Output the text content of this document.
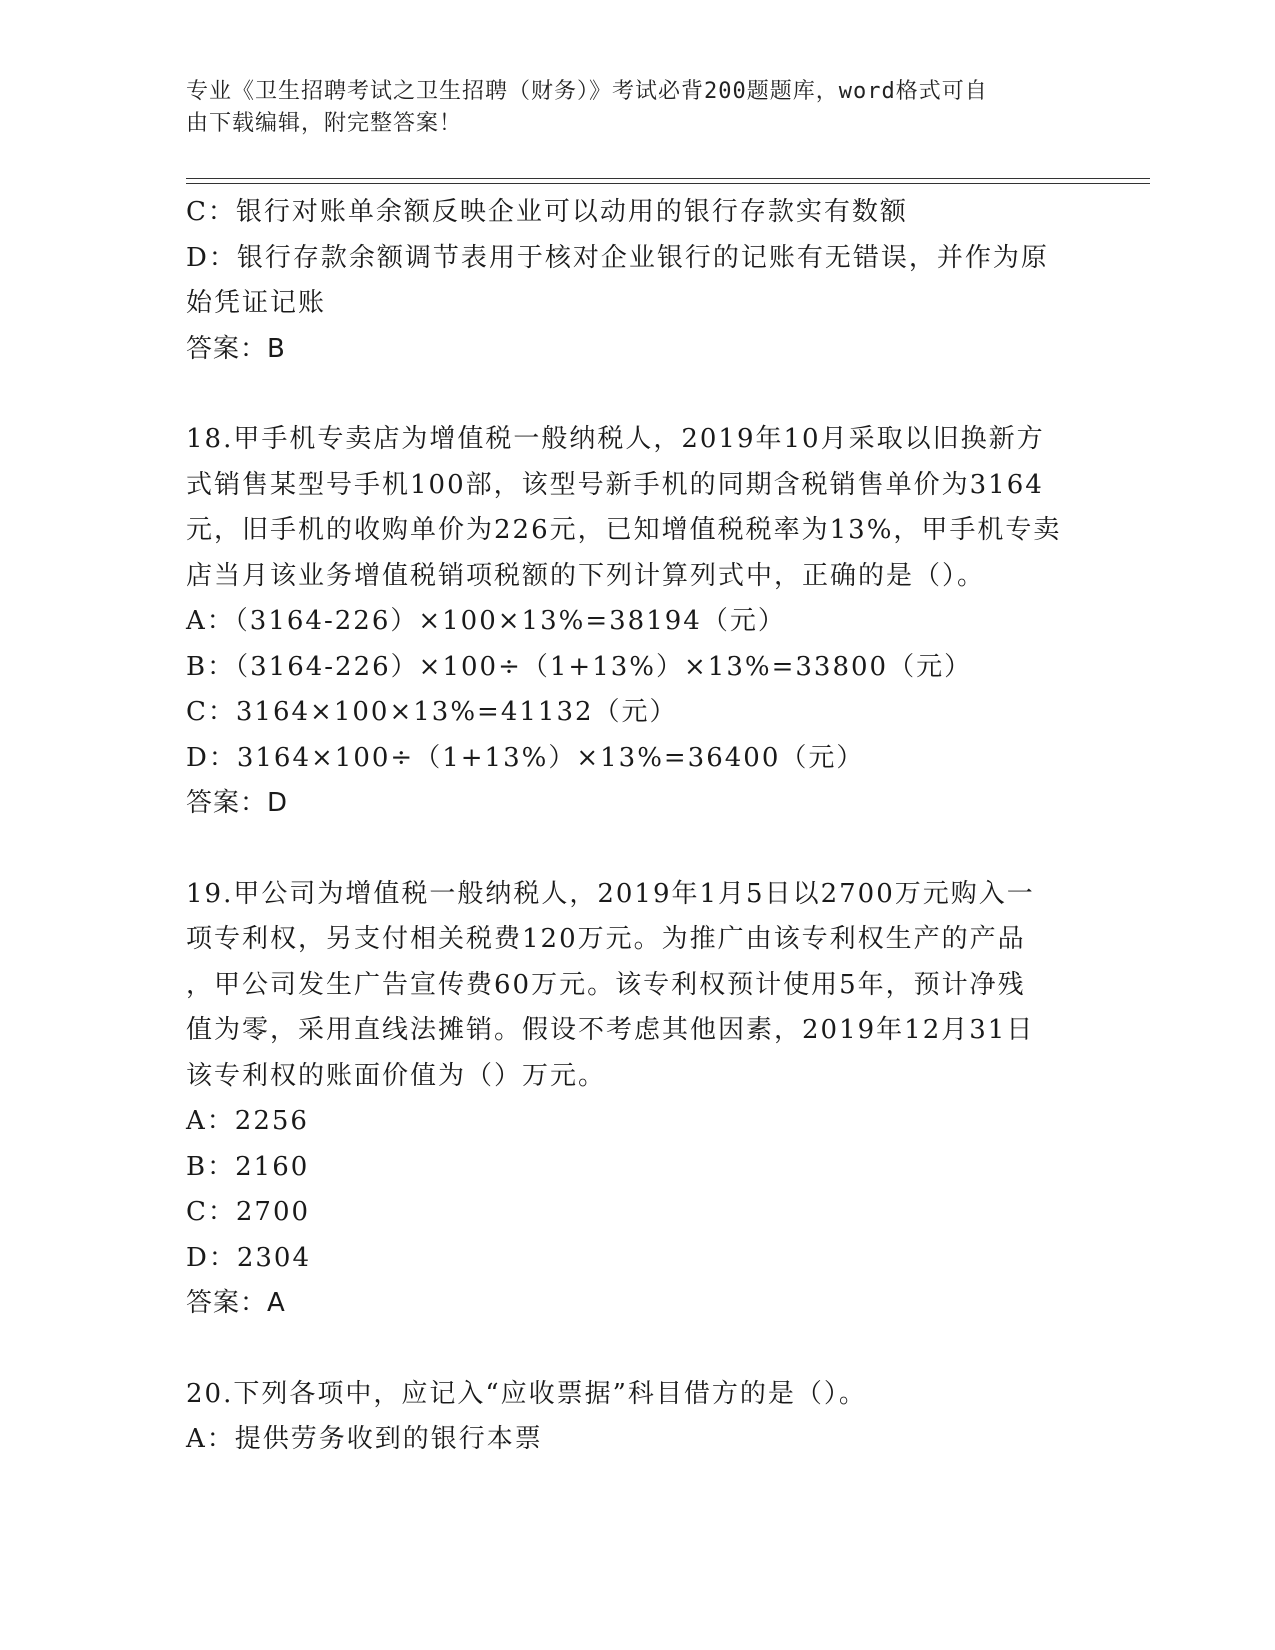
专业《卫生招聘考试之卫生招聘（财务）》考试必背200题题库，word格式可自
由下载编辑，附完整答案！
C：银行对账单余额反映企业可以动用的银行存款实有数额
D：银行存款余额调节表用于核对企业银行的记账有无错误，并作为原
始凭证记账
答案：B
18.甲手机专卖店为增值税一般纳税人，2019年10月采取以旧换新方
式销售某型号手机100部，该型号新手机的同期含税销售单价为3164
元，旧手机的收购单价为226元，已知增值税税率为13%，甲手机专卖
店当月该业务增值税销项税额的下列计算列式中，正确的是（）。
A：（3164-226）×100×13%=38194（元）
B：（3164-226）×100÷（1+13%）×13%=33800（元）
C：3164×100×13%=41132（元）
D：3164×100÷（1+13%）×13%=36400（元）
答案：D
19.甲公司为增值税一般纳税人，2019年1月5日以2700万元购入一
项专利权，另支付相关税费120万元。为推广由该专利权生产的产品
，甲公司发生广告宣传费60万元。该专利权预计使用5年，预计净残
值为零，采用直线法摊销。假设不考虑其他因素，2019年12月31日
该专利权的账面价值为（）万元。
A：2256
B：2160
C：2700
D：2304
答案：A
20.下列各项中，应记入“应收票据”科目借方的是（）。
A：提供劳务收到的银行本票
